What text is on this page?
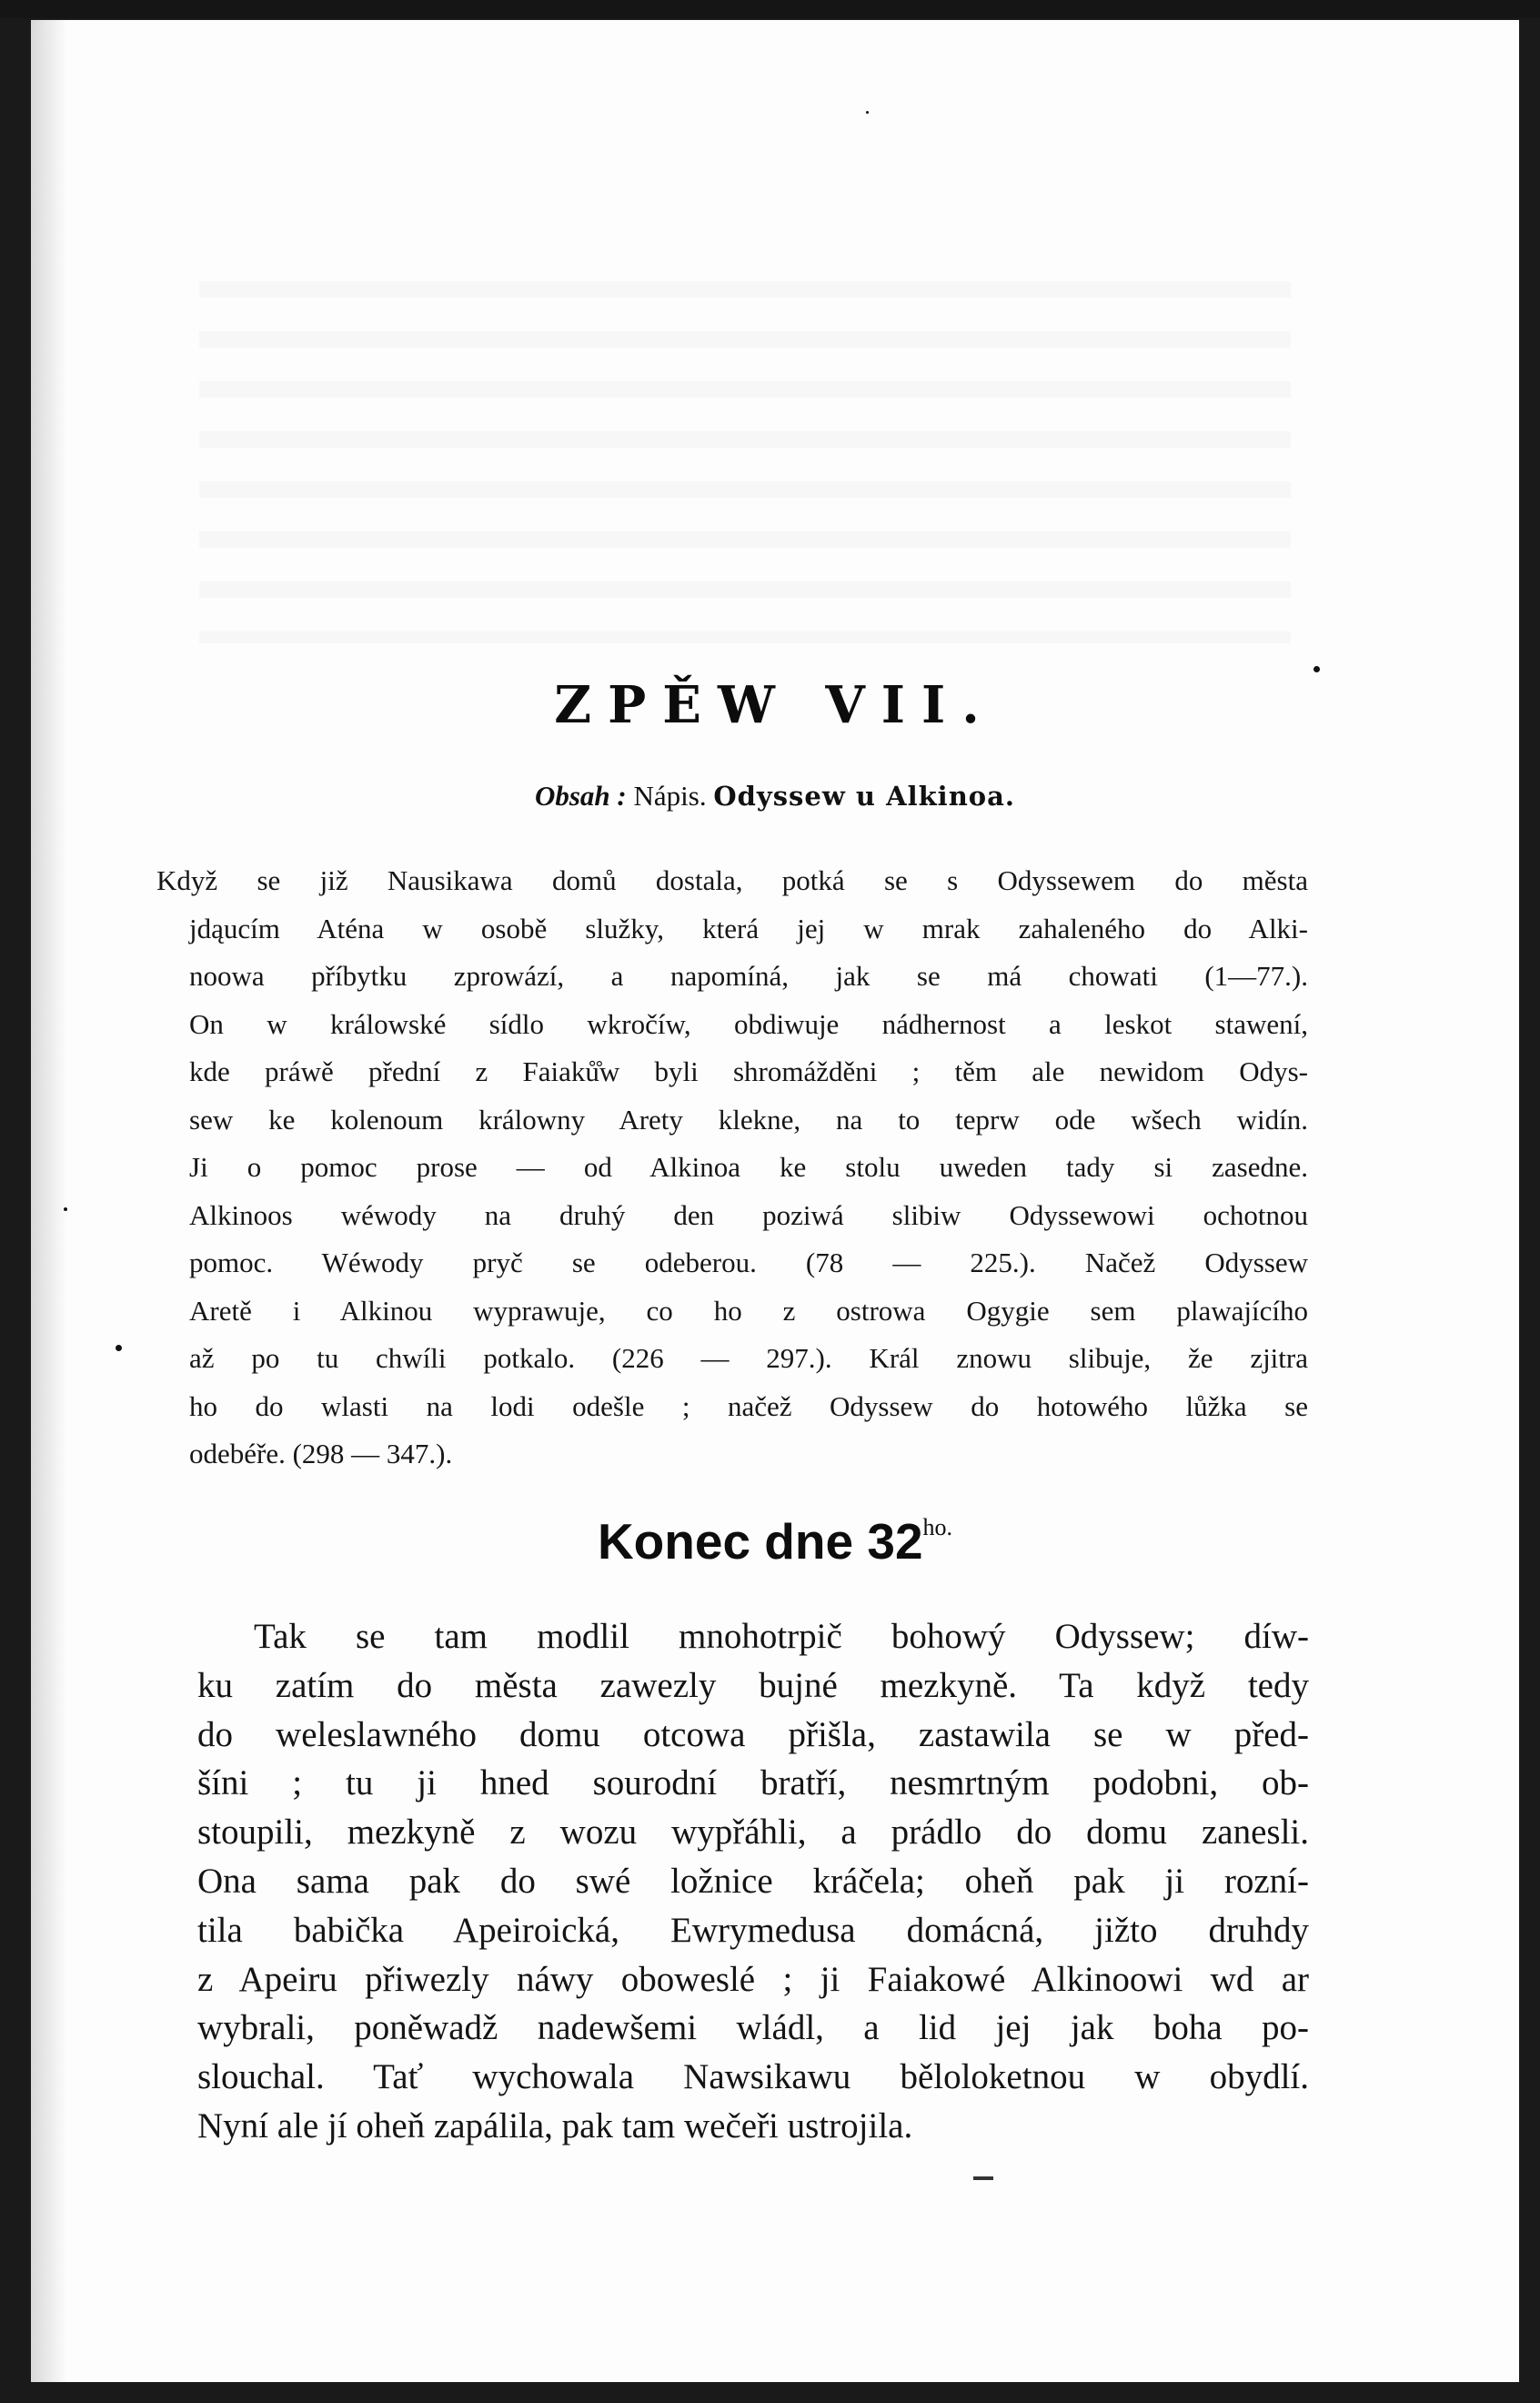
ZPĚW VII.
Obsah : Nápis. Odyssew u Alkinoa.
Když se již Nausikawa domů dostala, potká se s Odyssewem do města
jdąucím Aténa w osobě služky, která jej w mrak zahaleného do Alki-
noowa příbytku zprowází, a napomíná, jak se má chowati (1—77.).
On w králowské sídlo wkročíw, obdiwuje nádhernost a leskot stawení,
kde práwě přední z Faiaků̊w byli shromážděni ; těm ale newidom Odys-
sew ke kolenoum králowny Arety klekne, na to teprw ode wšech widín.
Ji o pomoc prose — od Alkinoa ke stolu uweden tady si zasedne.
Alkinoos wéwody na druhý den poziwá slibiw Odyssewowi ochotnou
pomoc. Wéwody pryč se odeberou. (78 — 225.). Načež Odyssew
Aretě i Alkinou wyprawuje, co ho z ostrowa Ogygie sem plawajícího
až po tu chwíli potkalo. (226 — 297.). Král znowu slibuje, že zjitra
ho do wlasti na lodi odešle ; načež Odyssew do hotowého lůžka se
odebéře. (298 — 347.).
Konec dne $32^{ho.}$
Tak se tam modlil mnohotrpič bohowý Odyssew; díw-
ku zatím do města zawezly bujné mezkyně. Ta když tedy
do weleslawného domu otcowa přišla, zastawila se w před-
šíni ; tu ji hned sourodní bratří, nesmrtným podobni, ob-
stoupili, mezkyně z wozu wypřáhli, a prádlo do domu zanesli.
Ona sama pak do swé ložnice kráčela; oheň pak ji rozní-
tila babička Apeiroická, Ewrymedusa domácná, jižto druhdy
z Apeiru přiwezly náwy oboweslé ; ji Faiakowé Alkinoowi wd ar
wybrali, poněwadž nadewšemi wládl, a lid jej jak boha po-
slouchal. Tať wychowala Nawsikawu běloloketnou w obydlí.
Nyní ale jí oheň zapálila, pak tam wečeři ustrojila.
